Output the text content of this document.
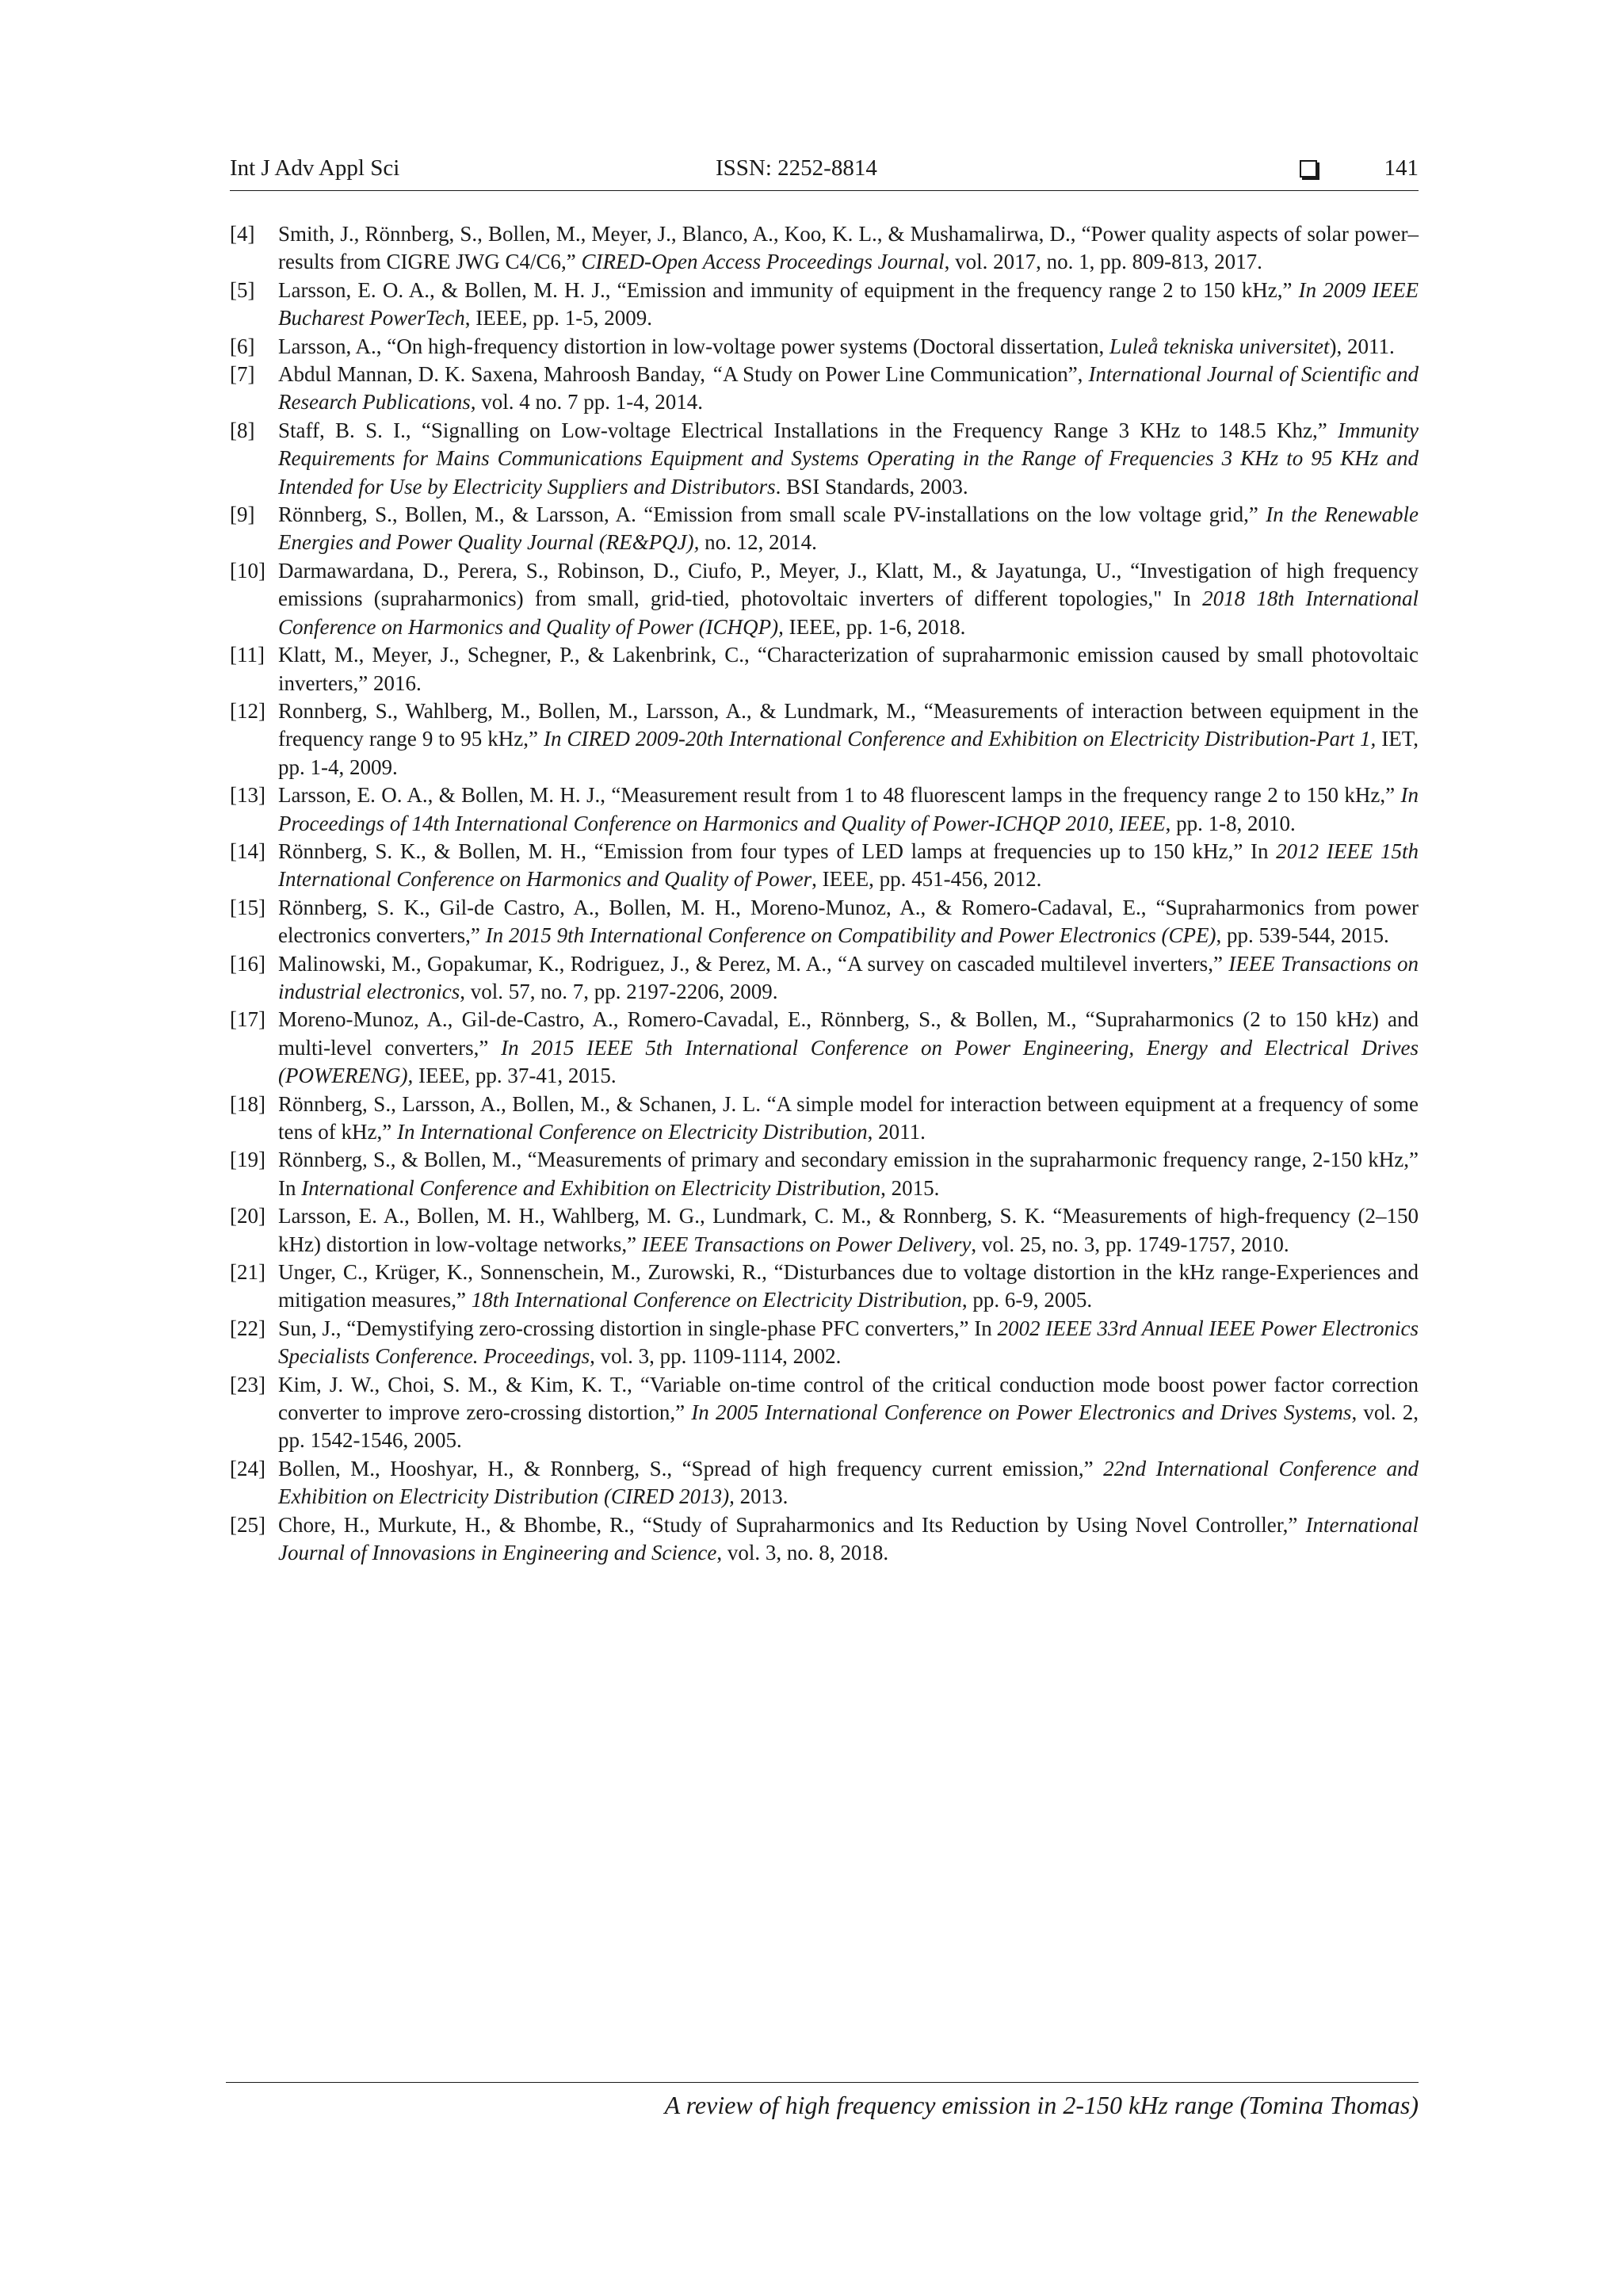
Int J Adv Appl Sci	ISSN: 2252-8814	141
[4] Smith, J., Rönnberg, S., Bollen, M., Meyer, J., Blanco, A., Koo, K. L., & Mushamalirwa, D., “Power quality aspects of solar power–results from CIGRE JWG C4/C6,” CIRED-Open Access Proceedings Journal, vol. 2017, no. 1, pp. 809-813, 2017.
[5] Larsson, E. O. A., & Bollen, M. H. J., “Emission and immunity of equipment in the frequency range 2 to 150 kHz,” In 2009 IEEE Bucharest PowerTech, IEEE, pp. 1-5, 2009.
[6] Larsson, A., “On high-frequency distortion in low-voltage power systems (Doctoral dissertation, Luleå tekniska universitet), 2011.
[7] Abdul Mannan, D. K. Saxena, Mahroosh Banday, “A Study on Power Line Communication”, International Journal of Scientific and Research Publications, vol. 4 no. 7 pp. 1-4, 2014.
[8] Staff, B. S. I., “Signalling on Low-voltage Electrical Installations in the Frequency Range 3 KHz to 148.5 Khz,” Immunity Requirements for Mains Communications Equipment and Systems Operating in the Range of Frequencies 3 KHz to 95 KHz and Intended for Use by Electricity Suppliers and Distributors. BSI Standards, 2003.
[9] Rönnberg, S., Bollen, M., & Larsson, A. “Emission from small scale PV-installations on the low voltage grid,” In the Renewable Energies and Power Quality Journal (RE&PQJ), no. 12, 2014.
[10] Darmawardana, D., Perera, S., Robinson, D., Ciufo, P., Meyer, J., Klatt, M., & Jayatunga, U., “Investigation of high frequency emissions (supraharmonics) from small, grid-tied, photovoltaic inverters of different topologies," In 2018 18th International Conference on Harmonics and Quality of Power (ICHQP), IEEE, pp. 1-6, 2018.
[11] Klatt, M., Meyer, J., Schegner, P., & Lakenbrink, C., “Characterization of supraharmonic emission caused by small photovoltaic inverters,” 2016.
[12] Ronnberg, S., Wahlberg, M., Bollen, M., Larsson, A., & Lundmark, M., “Measurements of interaction between equipment in the frequency range 9 to 95 kHz,” In CIRED 2009-20th International Conference and Exhibition on Electricity Distribution-Part 1, IET, pp. 1-4, 2009.
[13] Larsson, E. O. A., & Bollen, M. H. J., “Measurement result from 1 to 48 fluorescent lamps in the frequency range 2 to 150 kHz,” In Proceedings of 14th International Conference on Harmonics and Quality of Power-ICHQP 2010, IEEE, pp. 1-8, 2010.
[14] Rönnberg, S. K., & Bollen, M. H., “Emission from four types of LED lamps at frequencies up to 150 kHz,” In 2012 IEEE 15th International Conference on Harmonics and Quality of Power, IEEE, pp. 451-456, 2012.
[15] Rönnberg, S. K., Gil-de Castro, A., Bollen, M. H., Moreno-Munoz, A., & Romero-Cadaval, E., “Supraharmonics from power electronics converters,” In 2015 9th International Conference on Compatibility and Power Electronics (CPE), pp. 539-544, 2015.
[16] Malinowski, M., Gopakumar, K., Rodriguez, J., & Perez, M. A., “A survey on cascaded multilevel inverters,” IEEE Transactions on industrial electronics, vol. 57, no. 7, pp. 2197-2206, 2009.
[17] Moreno-Munoz, A., Gil-de-Castro, A., Romero-Cavadal, E., Rönnberg, S., & Bollen, M., “Supraharmonics (2 to 150 kHz) and multi-level converters,” In 2015 IEEE 5th International Conference on Power Engineering, Energy and Electrical Drives (POWERENG), IEEE, pp. 37-41, 2015.
[18] Rönnberg, S., Larsson, A., Bollen, M., & Schanen, J. L. “A simple model for interaction between equipment at a frequency of some tens of kHz,” In International Conference on Electricity Distribution, 2011.
[19] Rönnberg, S., & Bollen, M., “Measurements of primary and secondary emission in the supraharmonic frequency range, 2-150 kHz,” In International Conference and Exhibition on Electricity Distribution, 2015.
[20] Larsson, E. A., Bollen, M. H., Wahlberg, M. G., Lundmark, C. M., & Ronnberg, S. K. “Measurements of high-frequency (2–150 kHz) distortion in low-voltage networks,” IEEE Transactions on Power Delivery, vol. 25, no. 3, pp. 1749-1757, 2010.
[21] Unger, C., Krüger, K., Sonnenschein, M., Zurowski, R., “Disturbances due to voltage distortion in the kHz range-Experiences and mitigation measures,” 18th International Conference on Electricity Distribution, pp. 6-9, 2005.
[22] Sun, J., “Demystifying zero-crossing distortion in single-phase PFC converters,” In 2002 IEEE 33rd Annual IEEE Power Electronics Specialists Conference. Proceedings, vol. 3, pp. 1109-1114, 2002.
[23] Kim, J. W., Choi, S. M., & Kim, K. T., “Variable on-time control of the critical conduction mode boost power factor correction converter to improve zero-crossing distortion,” In 2005 International Conference on Power Electronics and Drives Systems, vol. 2, pp. 1542-1546, 2005.
[24] Bollen, M., Hooshyar, H., & Ronnberg, S., “Spread of high frequency current emission,” 22nd International Conference and Exhibition on Electricity Distribution (CIRED 2013), 2013.
[25] Chore, H., Murkute, H., & Bhombe, R., “Study of Supraharmonics and Its Reduction by Using Novel Controller,” International Journal of Innovasions in Engineering and Science, vol. 3, no. 8, 2018.
A review of high frequency emission in 2-150 kHz range (Tomina Thomas)
